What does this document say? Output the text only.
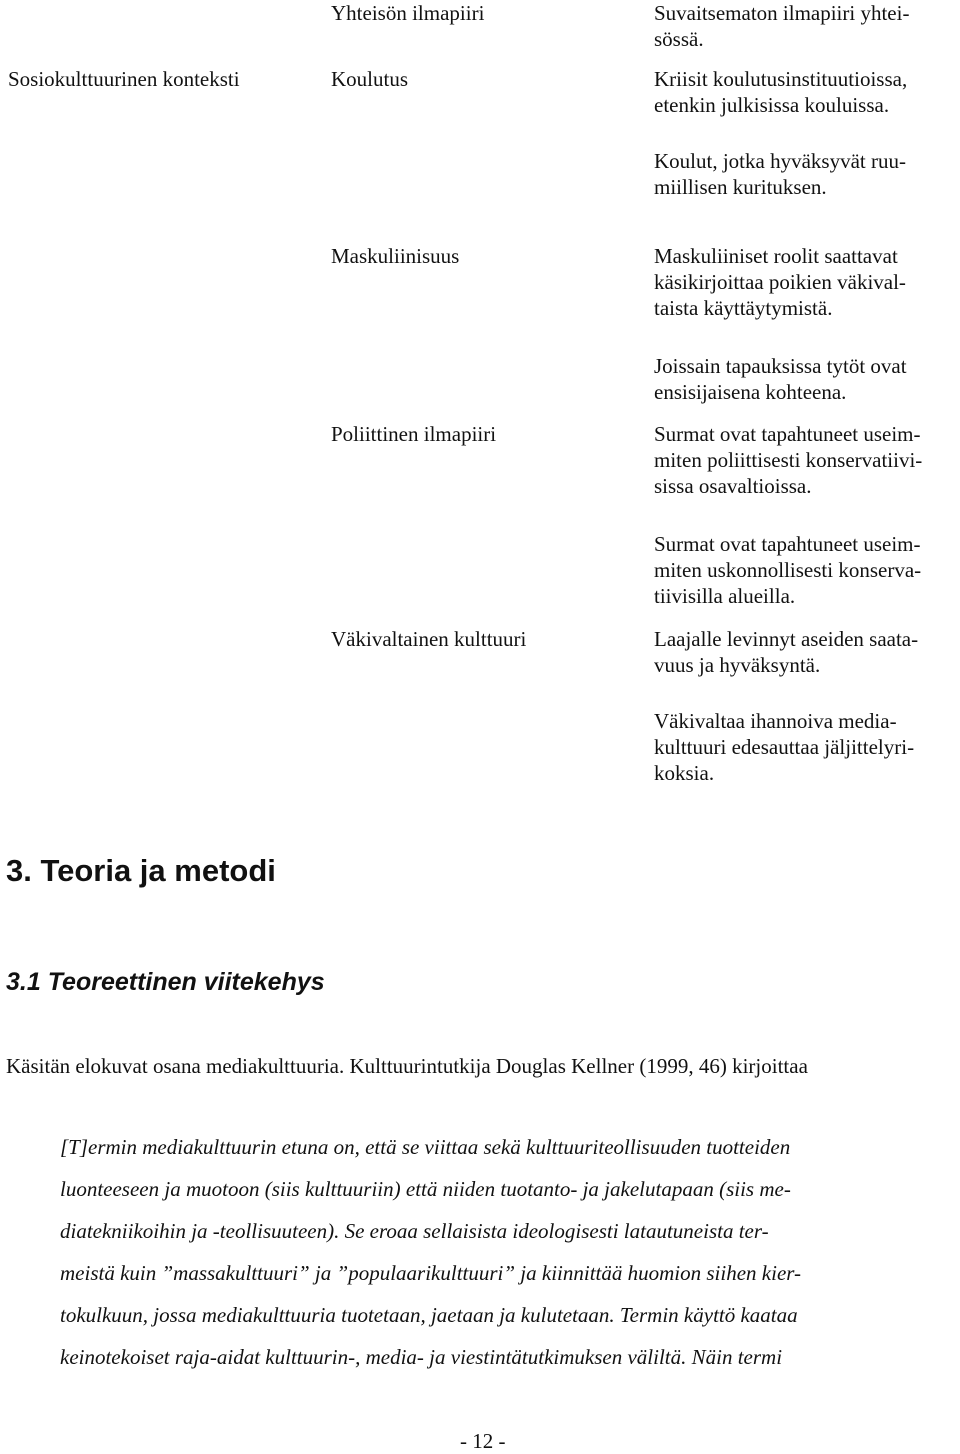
Sosiokulttuurinen konteksti
Yhteisön ilmapiiri
Koulutus
Maskuliinisuus
Poliittinen ilmapiiri
Väkivaltainen kulttuuri
Suvaitsematon ilmapiiri yhtei-
sössä.
Kriisit koulutusinstituutioissa,
etenkin julkisissa kouluissa.
Koulut, jotka hyväksyvät ruu-
miillisen kurituksen.
Maskuliiniset roolit saattavat
käsikirjoittaa poikien väkival-
taista käyttäytymistä.
Joissain tapauksissa tytöt ovat
ensisijaisena kohteena.
Surmat ovat tapahtuneet useim-
miten poliittisesti konservatiivi-
sissa osavaltioissa.
Surmat ovat tapahtuneet useim-
miten uskonnollisesti konserva-
tiivisilla alueilla.
Laajalle levinnyt aseiden saata-
vuus ja hyväksyntä.
Väkivaltaa ihannoiva media-
kulttuuri edesauttaa jäljittelyri-
koksia.
3. Teoria ja metodi
3.1 Teoreettinen viitekehys
Käsitän elokuvat osana mediakulttuuria. Kulttuurintutkija Douglas Kellner (1999, 46) kirjoittaa
[T]ermin mediakulttuurin etuna on, että se viittaa sekä kulttuuriteollisuuden tuotteiden
luonteeseen ja muotoon (siis kulttuuriin) että niiden tuotanto- ja jakelutapaan (siis me-
diatekniikoihin ja -teollisuuteen). Se eroaa sellaisista ideologisesti latautuneista ter-
meistä kuin ”massakulttuuri” ja ”populaarikulttuuri” ja kiinnittää huomion siihen kier-
tokulkuun, jossa mediakulttuuria tuotetaan, jaetaan ja kulutetaan. Termin käyttö kaataa
keinotekoiset raja-aidat kulttuurin-, media- ja viestintätutkimuksen väliltä. Näin termi
- 12 -
